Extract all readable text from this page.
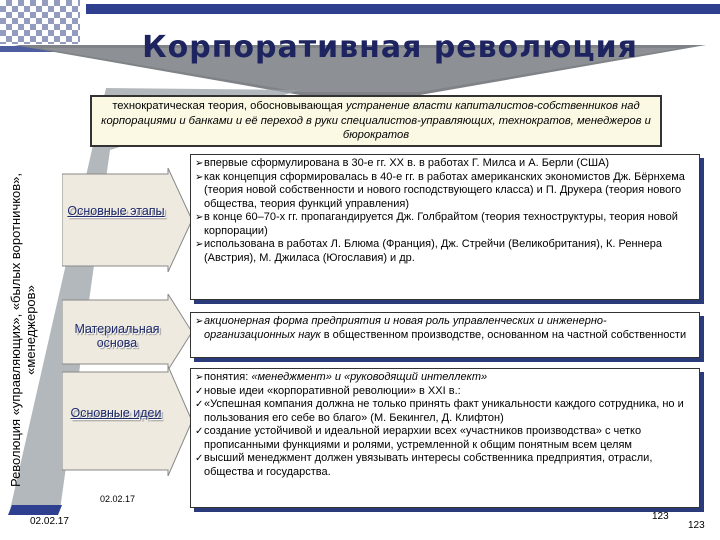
Корпоративная революция
технократическая теория, обосновывающая устранение власти капиталистов-собственников над корпорациями и банками и её переход в руки специалистов-управляющих, технократов, менеджеров и бюрократов
Революция «управляющих», «былых воротничков», «менеджеров»
Основные этапы
➢ впервые сформулирована в 30-е гг. XX в. в работах Г. Милса и А. Берли (США)
➢ как концепция сформировалась в 40-е гг. в работах американских экономистов Дж. Бёрнхема (теория новой собственности и нового господствующего класса) и П. Друкера (теория нового общества, теория функций управления)
➢ в конце 60–70-х гг. пропагандируется Дж. Голбрайтом (теория техноструктуры, теория новой корпорации)
➢ использована в работах Л. Блюма (Франция), Дж. Стрейчи (Великобритания), К. Реннера (Австрия), М. Джиласа (Югославия) и др.
Материальная основа
➢ акционерная форма предприятия и новая роль управленческих и инженерно-организационных наук в общественном производстве, основанном на частной собственности
Основные идеи
➢ понятия: «менеджмент» и «руководящий интеллект»
✓ новые идеи «корпоративной революции» в XXI в.:
✓ «Успешная компания должна не только принять факт уникальности каждого сотрудника, но и пользования его себе во благо» (М. Бекингел, Д. Клифтон)
✓ создание устойчивой и идеальной иерархии всех «участников производства» с четко прописанными функциями и ролями, устремленной к общим понятным всем целям
✓ высший менеджмент должен увязывать интересы собственника предприятия, отрасли, общества и государства.
02.02.17
02.02.17	123
123
